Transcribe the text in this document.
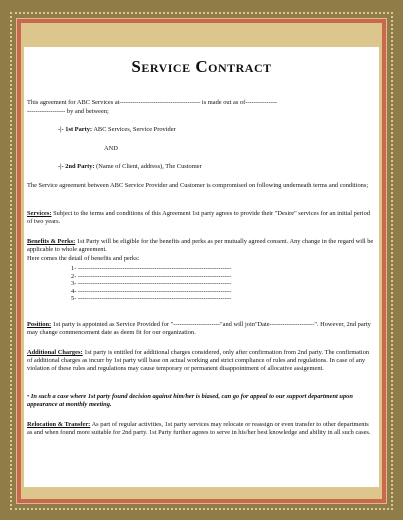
Service Contract
This agreement for ABC Services at-------------------------------------- is made out as of---------------
------------------ by and between;
-|- 1st Party: ABC Services, Service Provider
AND
-|- 2nd Party: (Name of Client, address), The Customer
The Service agreement between ABC Service Provider and Customer is compromised on following underneath terms and conditions;
Services: Subject to the terms and conditions of this Agreement 1st party agrees to provide their "Desire" services for an initial period of two years.
Benefits & Perks: 1st Party will be eligible for the benefits and perks as per mutually agreed consent. Any change in the regard will be applicable to whole agreement.
Here comes the detail of benefits and perks:
1- ------------------------------------------------------------------------
2- ------------------------------------------------------------------------
3- ------------------------------------------------------------------------
4- ------------------------------------------------------------------------
5- ------------------------------------------------------------------------
Position: 1st party is appointed as Service Provided for "----------------------"and will join"Date---------------------". However, 2nd party may change commencement date as deem fit for our organization.
Additional Charges: 1st party is entitled for additional charges considered, only after confirmation from 2nd party. The confirmation of additional charges as incurr by 1st party will base on actual working and strict compliance of rules and regulations. In case of any violation of these rules and regulations may cause temporary or permanent disappointment of allocative assigement.
• In such a case where 1st party found decision against him/her is biased, can go for appeal to our support department upon appearance at monthly meeting.
Relocation & Transfer: As part of regular activities, 1st party services may relocate or reassign or even transfer to other departments as and when found more suitable for 2nd party. 1st Party further agrees to serve in his/her best knowledge and ability in all such cases.
